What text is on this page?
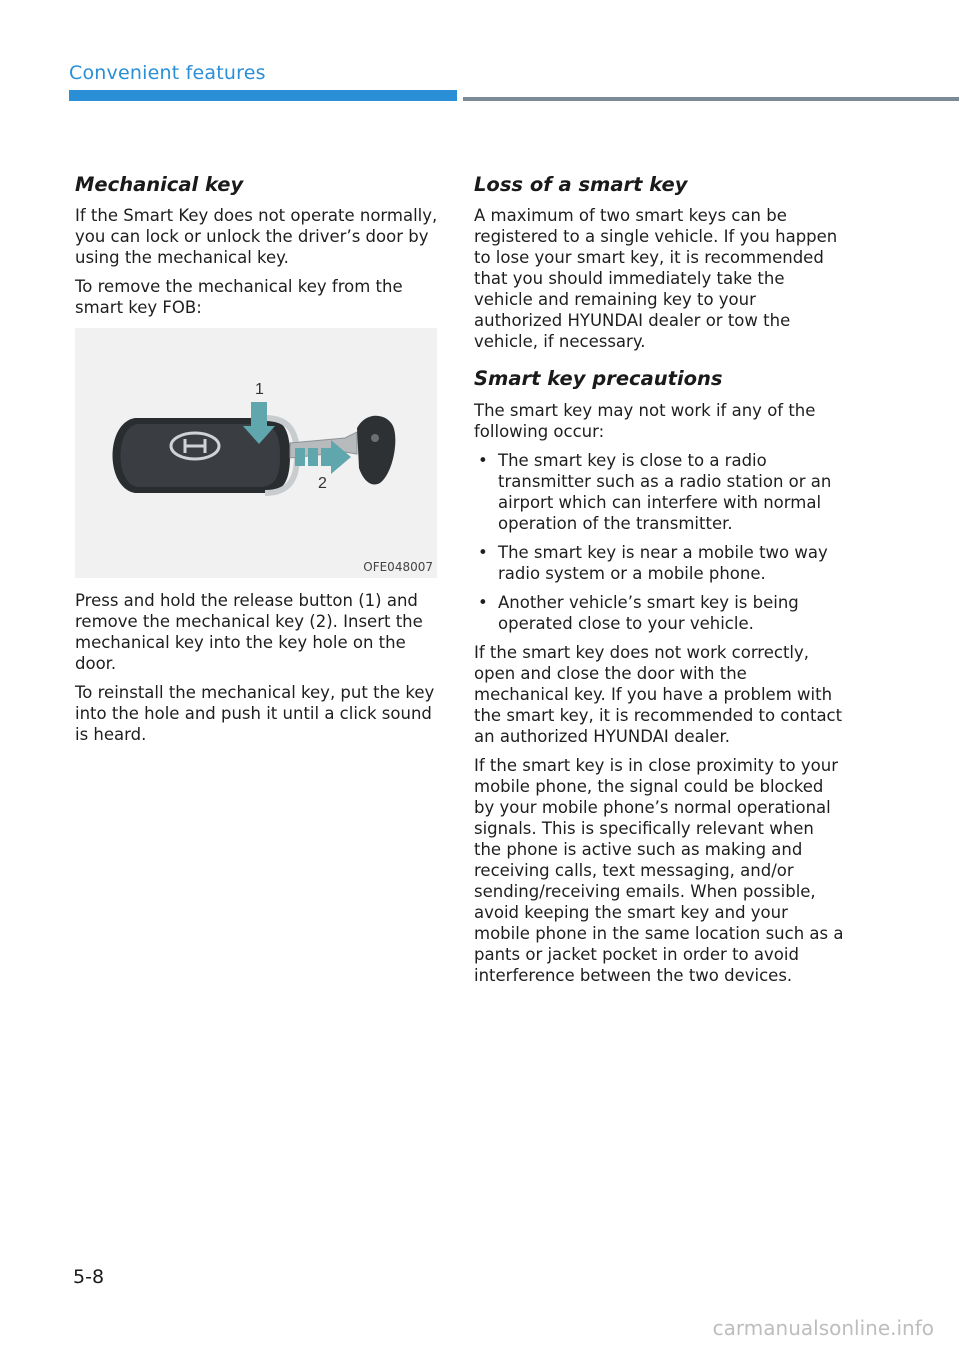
Convenient features
Mechanical key

If the Smart Key does not operate normally, you can lock or unlock the driver’s door by using the mechanical key.

To remove the mechanical key from the smart key FOB:

1
2
OFE048007

Press and hold the release button (1) and remove the mechanical key (2). Insert the mechanical key into the key hole on the door.

To reinstall the mechanical key, put the key into the hole and push it until a click sound is heard.

Loss of a smart key

A maximum of two smart keys can be registered to a single vehicle. If you happen to lose your smart key, it is recommended that you should immediately take the vehicle and remaining key to your authorized HYUNDAI dealer or tow the vehicle, if necessary.

Smart key precautions

The smart key may not work if any of the following occur:

• The smart key is close to a radio transmitter such as a radio station or an airport which can interfere with normal operation of the transmitter.
• The smart key is near a mobile two way radio system or a mobile phone.
• Another vehicle’s smart key is being operated close to your vehicle.

If the smart key does not work correctly, open and close the door with the mechanical key. If you have a problem with the smart key, it is recommended to contact an authorized HYUNDAI dealer.

If the smart key is in close proximity to your mobile phone, the signal could be blocked by your mobile phone’s normal operational signals. This is specifically relevant when the phone is active such as making and receiving calls, text messaging, and/or sending/receiving emails. When possible, avoid keeping the smart key and your mobile phone in the same location such as a pants or jacket pocket in order to avoid interference between the two devices.

5-8
carmanualsonline.info
